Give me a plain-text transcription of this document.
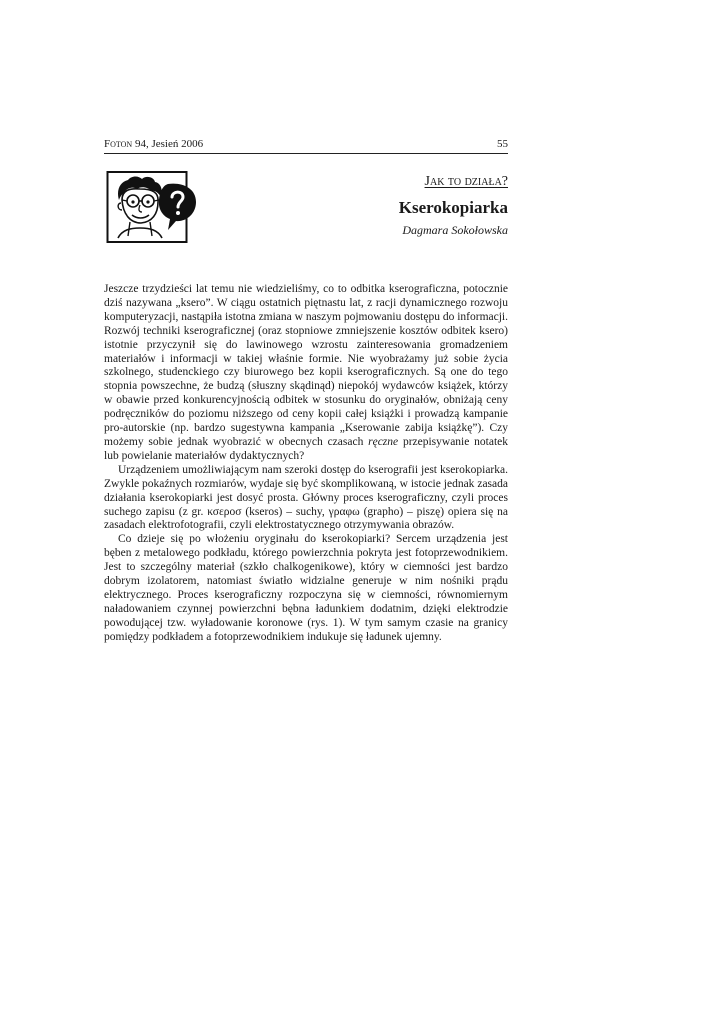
Foton 94, Jesień 2006	55
Jak to działa?
Kserokopiarka
Dagmara Sokołowska

Jeszcze trzydzieści lat temu nie wiedzieliśmy, co to odbitka kserograficzna, potocznie dziś nazywana „ksero”. W ciągu ostatnich piętnastu lat, z racji dynamicznego rozwoju komputeryzacji, nastąpiła istotna zmiana w naszym pojmowaniu dostępu do informacji. Rozwój techniki kserograficznej (oraz stopniowe zmniejszenie kosztów odbitek ksero) istotnie przyczynił się do lawinowego wzrostu zainteresowania gromadzeniem materiałów i informacji w takiej właśnie formie. Nie wyobrażamy już sobie życia szkolnego, studenckiego czy biurowego bez kopii kserograficznych. Są one do tego stopnia powszechne, że budzą (słuszny skądinąd) niepokój wydawców książek, którzy w obawie przed konkurencyjnością odbitek w stosunku do oryginałów, obniżają ceny podręczników do poziomu niższego od ceny kopii całej książki i prowadzą kampanie pro-autorskie (np. bardzo sugestywna kampania „Kserowanie zabija książkę”). Czy możemy sobie jednak wyobrazić w obecnych czasach ręczne przepisywanie notatek lub powielanie materiałów dydaktycznych?

Urządzeniem umożliwiającym nam szeroki dostęp do kserografii jest kserokopiarka. Zwykle pokaźnych rozmiarów, wydaje się być skomplikowaną, w istocie jednak zasada działania kserokopiarki jest dosyć prosta. Główny proces kserograficzny, czyli proces suchego zapisu (z gr. κσεροσ (kseros) – suchy, γραφω (grapho) – piszę) opiera się na zasadach elektrofotografii, czyli elektrostatycznego otrzymywania obrazów.

Co dzieje się po włożeniu oryginału do kserokopiarki? Sercem urządzenia jest bęben z metalowego podkładu, którego powierzchnia pokryta jest fotoprzewodnikiem. Jest to szczególny materiał (szkło chalkogenikowe), który w ciemności jest bardzo dobrym izolatorem, natomiast światło widzialne generuje w nim nośniki prądu elektrycznego. Proces kserograficzny rozpoczyna się w ciemności, równomiernym naładowaniem czynnej powierzchni bębna ładunkiem dodatnim, dzięki elektrodzie powodującej tzw. wyładowanie koronowe (rys. 1). W tym samym czasie na granicy pomiędzy podkładem a fotoprzewodnikiem indukuje się ładunek ujemny.
